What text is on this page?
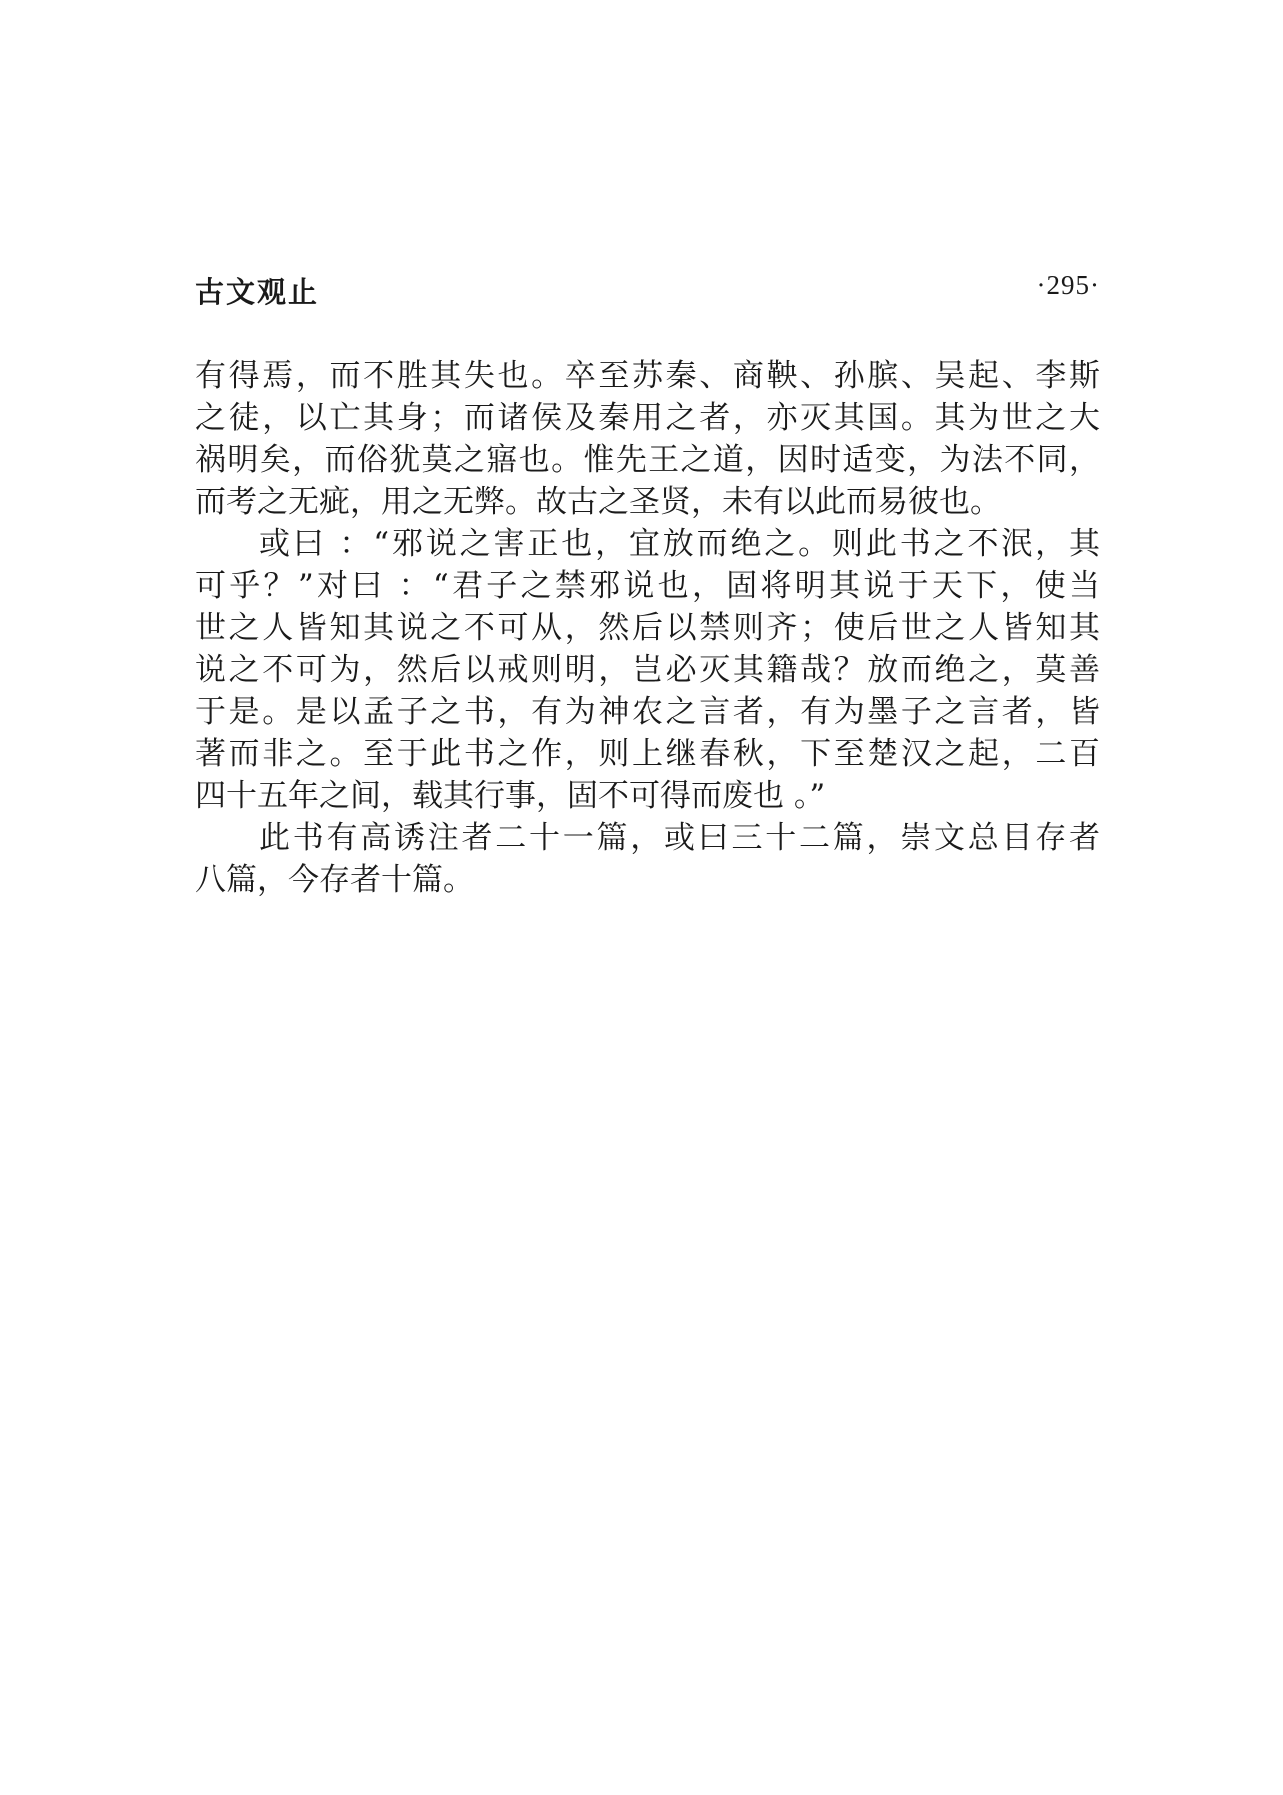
古文观止	·295·
有得焉，而不胜其失也。卒至苏秦、商鞅、孙膑、吴起、李斯
之徒，以亡其身；而诸侯及秦用之者，亦灭其国。其为世之大
祸明矣，而俗犹莫之寤也。惟先王之道，因时适变，为法不同，
而考之无疵，用之无弊。故古之圣贤，未有以此而易彼也。
或曰 ：“邪说之害正也，宜放而绝之。则此书之不泯，其
可乎？”对曰 ：“君子之禁邪说也，固将明其说于天下，使当
世之人皆知其说之不可从，然后以禁则齐；使后世之人皆知其
说之不可为，然后以戒则明，岂必灭其籍哉？放而绝之，莫善
于是。是以孟子之书，有为神农之言者，有为墨子之言者，皆
著而非之。至于此书之作，则上继春秋，下至楚汉之起，二百
四十五年之间，载其行事，固不可得而废也 。”
此书有高诱注者二十一篇，或曰三十二篇，崇文总目存者
八篇，今存者十篇。
